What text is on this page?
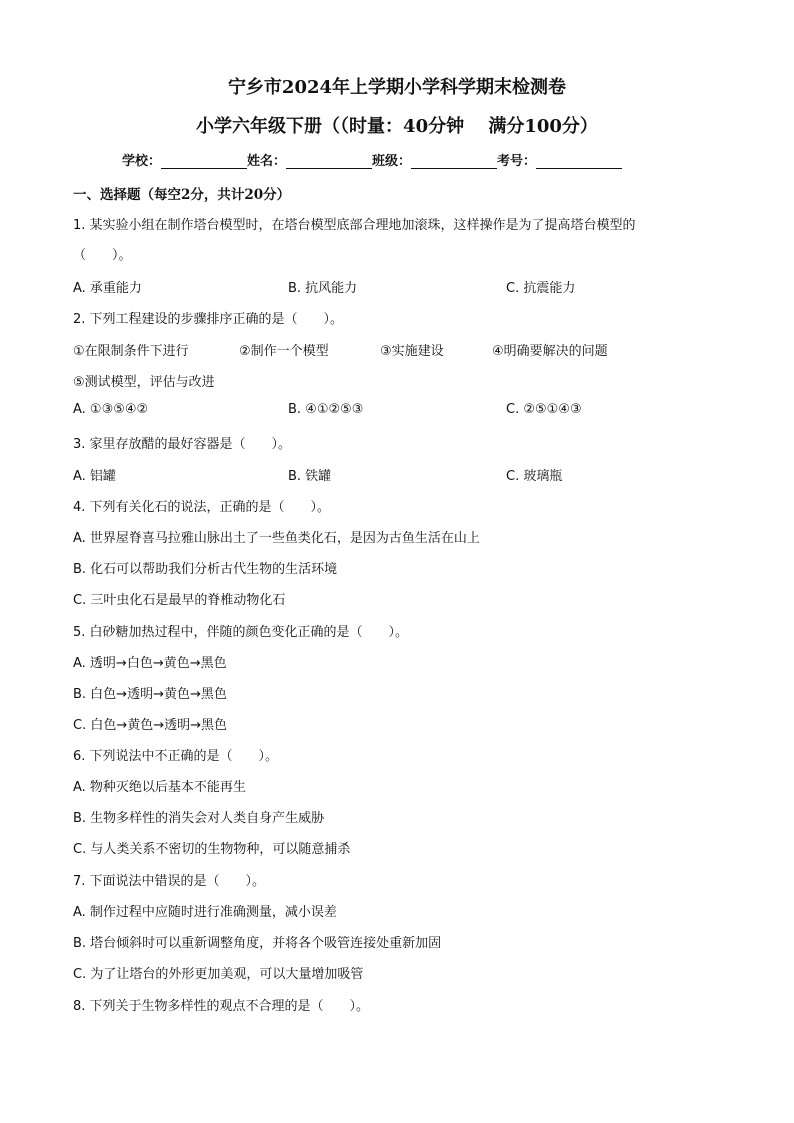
宁乡市2024年上学期小学科学期末检测卷
小学六年级下册（（时量：40分钟　 满分100分）
学校：	姓名：	班级：	考号：
一、选择题（每空2分，共计20分）
1. 某实验小组在制作塔台模型时，在塔台模型底部合理地加滚珠，这样操作是为了提高塔台模型的
（　　）。
A. 承重能力	B. 抗风能力	C. 抗震能力
2. 下列工程建设的步骤排序正确的是（　　）。
①在限制条件下进行	②制作一个模型	③实施建设	④明确要解决的问题
⑤测试模型，评估与改进
A. ①③⑤④②	B. ④①②⑤③	C. ②⑤①④③
3. 家里存放醋的最好容器是（　　）。
A. 铝罐	B. 铁罐	C. 玻璃瓶
4. 下列有关化石的说法，正确的是（　　）。
A. 世界屋脊喜马拉雅山脉出土了一些鱼类化石，是因为古鱼生活在山上
B. 化石可以帮助我们分析古代生物的生活环境
C. 三叶虫化石是最早的脊椎动物化石
5. 白砂糖加热过程中，伴随的颜色变化正确的是（　　）。
A. 透明→白色→黄色→黑色
B. 白色→透明→黄色→黑色
C. 白色→黄色→透明→黑色
6. 下列说法中不正确的是（　　）。
A. 物种灭绝以后基本不能再生
B. 生物多样性的消失会对人类自身产生威胁
C. 与人类关系不密切的生物物种，可以随意捕杀
7. 下面说法中错误的是（　　）。
A. 制作过程中应随时进行准确测量，减小误差
B. 塔台倾斜时可以重新调整角度，并将各个吸管连接处重新加固
C. 为了让塔台的外形更加美观，可以大量增加吸管
8. 下列关于生物多样性的观点不合理的是（　　）。
